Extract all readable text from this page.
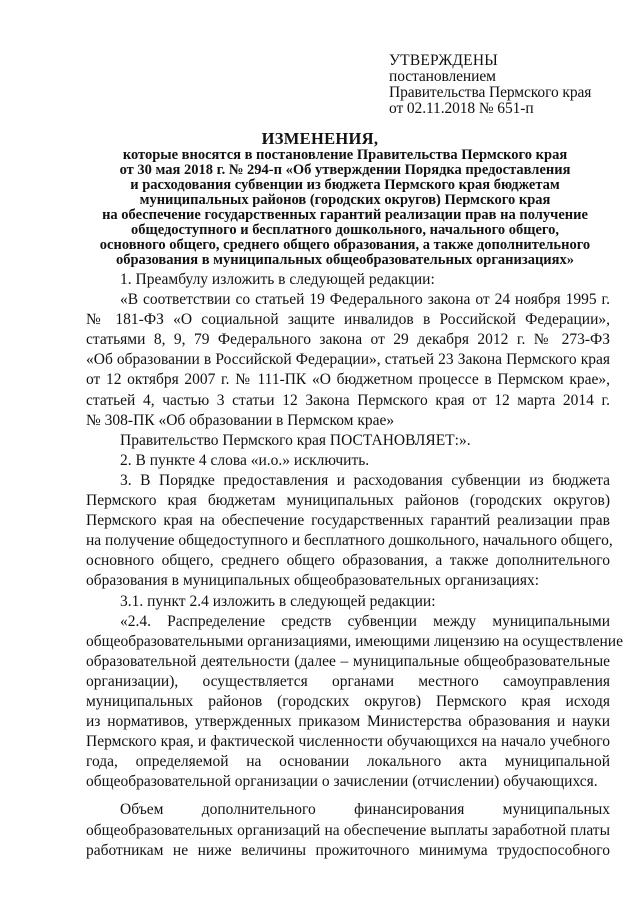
УТВЕРЖДЕНЫ
постановлением
Правительства Пермского края
от 02.11.2018 № 651-п
ИЗМЕНЕНИЯ,
которые вносятся в постановление Правительства Пермского края
от 30 мая 2018 г. № 294-п «Об утверждении Порядка предоставления
и расходования субвенции из бюджета Пермского края бюджетам
муниципальных районов (городских округов) Пермского края
на обеспечение государственных гарантий реализации прав на получение
общедоступного и бесплатного дошкольного, начального общего,
основного общего, среднего общего образования, а также дополнительного
образования в муниципальных общеобразовательных организациях»
1. Преамбулу изложить в следующей редакции:
«В соответствии со статьей 19 Федерального закона от 24 ноября 1995 г.
№ 181-ФЗ «О социальной защите инвалидов в Российской Федерации»,
статьями 8, 9, 79 Федерального закона от 29 декабря 2012 г. № 273-ФЗ
«Об образовании в Российской Федерации», статьей 23 Закона Пермского края
от 12 октября 2007 г. № 111-ПК «О бюджетном процессе в Пермском крае»,
статьей 4, частью 3 статьи 12 Закона Пермского края от 12 марта 2014 г.
№ 308-ПК «Об образовании в Пермском крае»
Правительство Пермского края ПОСТАНОВЛЯЕТ:».
2. В пункте 4 слова «и.о.» исключить.
3. В Порядке предоставления и расходования субвенции из бюджета
Пермского края бюджетам муниципальных районов (городских округов)
Пермского края на обеспечение государственных гарантий реализации прав
на получение общедоступного и бесплатного дошкольного, начального общего,
основного общего, среднего общего образования, а также дополнительного
образования в муниципальных общеобразовательных организациях:
3.1. пункт 2.4 изложить в следующей редакции:
«2.4. Распределение средств субвенции между муниципальными
общеобразовательными организациями, имеющими лицензию на осуществление
образовательной деятельности (далее – муниципальные общеобразовательные
организации), осуществляется органами местного самоуправления
муниципальных районов (городских округов) Пермского края исходя
из нормативов, утвержденных приказом Министерства образования и науки
Пермского края, и фактической численности обучающихся на начало учебного
года, определяемой на основании локального акта муниципальной
общеобразовательной организации о зачислении (отчислении) обучающихся.
Объем дополнительного финансирования муниципальных
общеобразовательных организаций на обеспечение выплаты заработной платы
работникам не ниже величины прожиточного минимума трудоспособного
